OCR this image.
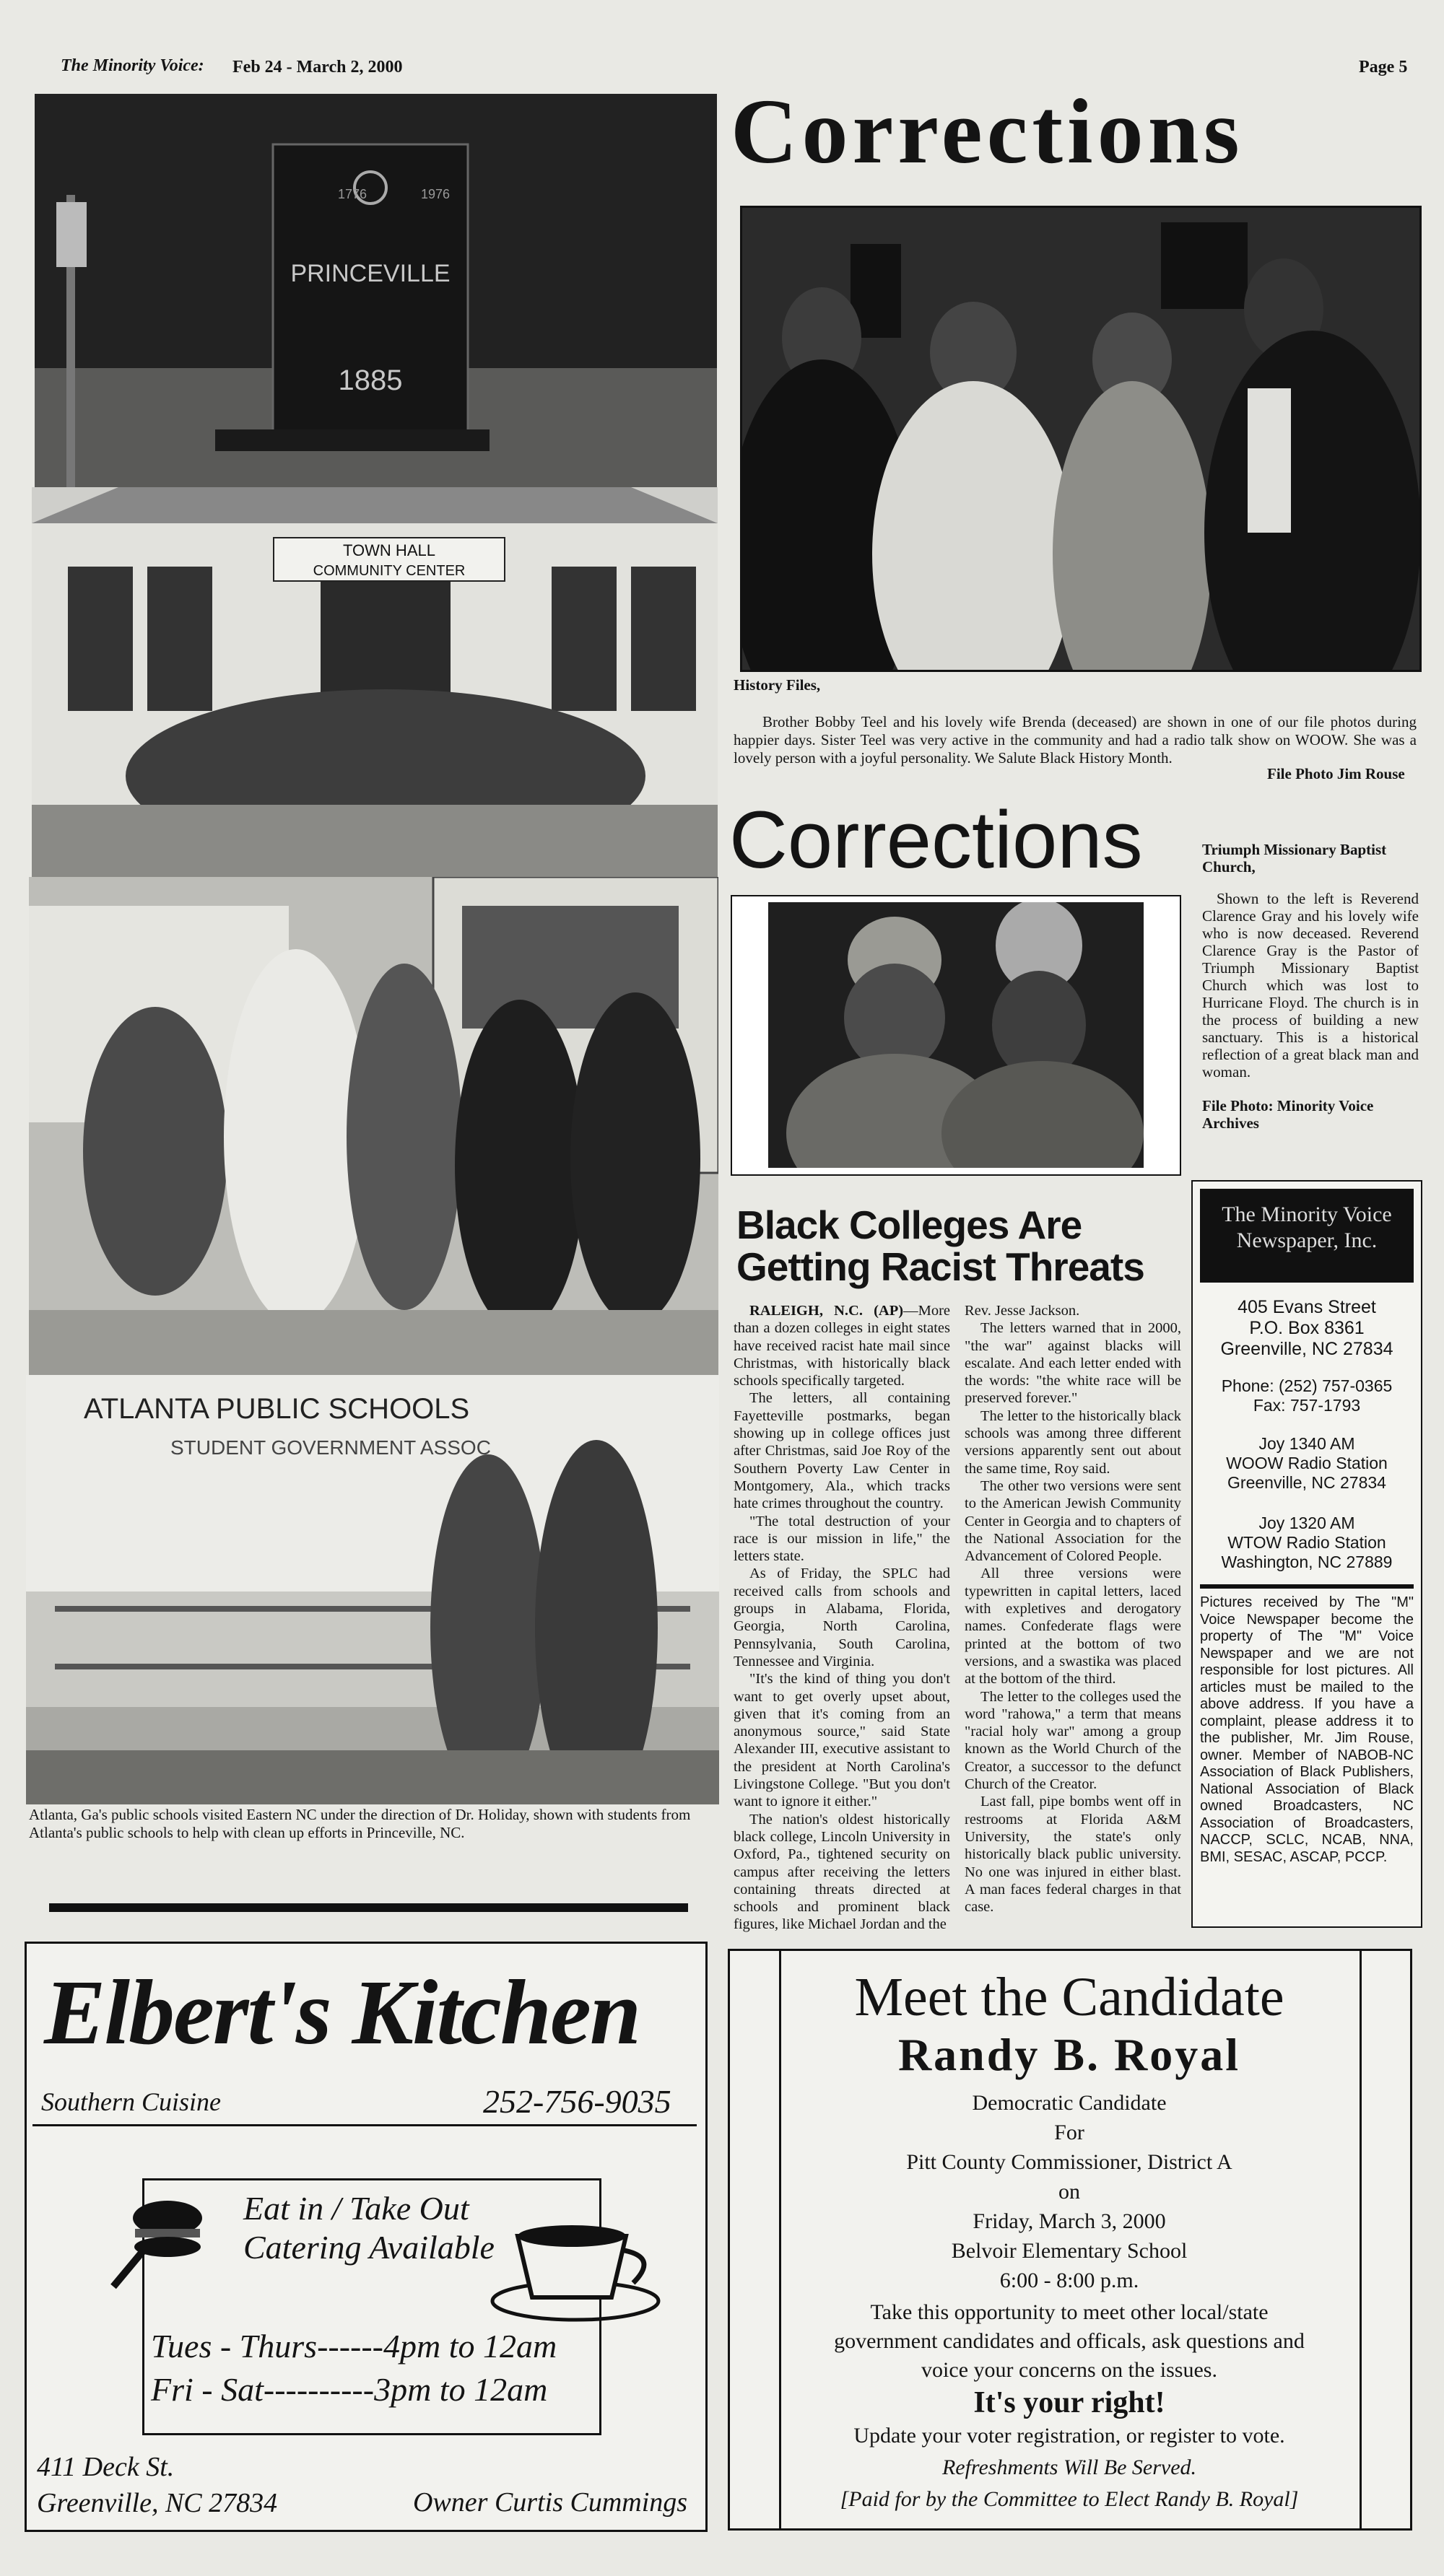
The Minority Voice: Feb 24 - March 2, 2000	Page 5
1776	1976
PRINCEVILLE
1885
TOWN HALL
COMMUNITY CENTER
ATLANTA PUBLIC SCHOOLS
STUDENT GOVERNMENT ASSOC
Atlanta, Ga's public schools visited Eastern NC under the direction of Dr. Holiday, shown with students from Atlanta's public schools to help with clean up efforts in Princeville, NC.
Corrections
History Files,
Brother Bobby Teel and his lovely wife Brenda (deceased) are shown in one of our file photos during happier days. Sister Teel was very active in the community and had a radio talk show on WOOW. She was a lovely person with a joyful personality. We Salute Black History Month.
File Photo Jim Rouse
Corrections	Triumph Missionary Baptist Church,
Shown to the left is Reverend Clarence Gray and his lovely wife who is now deceased. Reverend Clarence Gray is the Pastor of Triumph Missionary Baptist Church which was lost to Hurricane Floyd. The church is in the process of building a new sanctuary. This is a historical reflection of a great black man and woman.
File Photo: Minority Voice Archives
Black Colleges Are
Getting Racist Threats

RALEIGH, N.C. (AP)—More than a dozen colleges in eight states have received racist hate mail since Christmas, with historically black schools specifically targeted.

The letters, all containing Fayetteville postmarks, began showing up in college offices just after Christmas, said Joe Roy of the Southern Poverty Law Center in Montgomery, Ala., which tracks hate crimes throughout the country.

"The total destruction of your race is our mission in life," the letters state.

As of Friday, the SPLC had received calls from schools and groups in Alabama, Florida, Georgia, North Carolina, Pennsylvania, South Carolina, Tennessee and Virginia.

"It's the kind of thing you don't want to get overly upset about, given that it's coming from an anonymous source," said State Alexander III, executive assistant to the president at North Carolina's Livingstone College. "But you don't want to ignore it either."

The nation's oldest historically black college, Lincoln University in Oxford, Pa., tightened security on campus after receiving the letters containing threats directed at schools and prominent black figures, like Michael Jordan and the

Rev. Jesse Jackson.

The letters warned that in 2000, "the war" against blacks will escalate. And each letter ended with the words: "the white race will be preserved forever."

The letter to the historically black schools was among three different versions apparently sent out about the same time, Roy said.

The other two versions were sent to the American Jewish Community Center in Georgia and to chapters of the National Association for the Advancement of Colored People.

All three versions were typewritten in capital letters, laced with expletives and derogatory names. Confederate flags were printed at the bottom of two versions, and a swastika was placed at the bottom of the third.

The letter to the colleges used the word "rahowa," a term that means "racial holy war" among a group known as the World Church of the Creator, a successor to the defunct Church of the Creator.

Last fall, pipe bombs went off in restrooms at Florida A&M University, the state's only historically black public university. No one was injured in either blast. A man faces federal charges in that case.

The Minority Voice
Newspaper, Inc.
405 Evans Street
P.O. Box 8361
Greenville, NC 27834
Phone: (252) 757-0365
Fax: 757-1793
Joy 1340 AM
WOOW Radio Station
Greenville, NC 27834
Joy 1320 AM
WTOW Radio Station
Washington, NC 27889
Pictures received by The "M" Voice Newspaper become the property of The "M" Voice Newspaper and we are not responsible for lost pictures. All articles must be mailed to the above address. If you have a complaint, please address it to the publisher, Mr. Jim Rouse, owner. Member of NABOB-NC Association of Black Publishers, National Association of Black owned Broadcasters, NC Association of Broadcasters, NACCP, SCLC, NCAB, NNA, BMI, SESAC, ASCAP, PCCP.
Elbert's Kitchen
Southern Cuisine	252-756-9035
Eat in / Take Out
Catering Available
Tues - Thurs------4pm to 12am
Fri - Sat----------3pm to 12am
411 Deck St.
Greenville, NC 27834	Owner Curtis Cummings
Meet the Candidate
Randy B. Royal
Democratic Candidate
For
Pitt County Commissioner, District A
on
Friday, March 3, 2000
Belvoir Elementary School
6:00 - 8:00 p.m.
Take this opportunity to meet other local/state government candidates and officals, ask questions and voice your concerns on the issues.
It's your right!
Update your voter registration, or register to vote.
Refreshments Will Be Served.
[Paid for by the Committee to Elect Randy B. Royal]
